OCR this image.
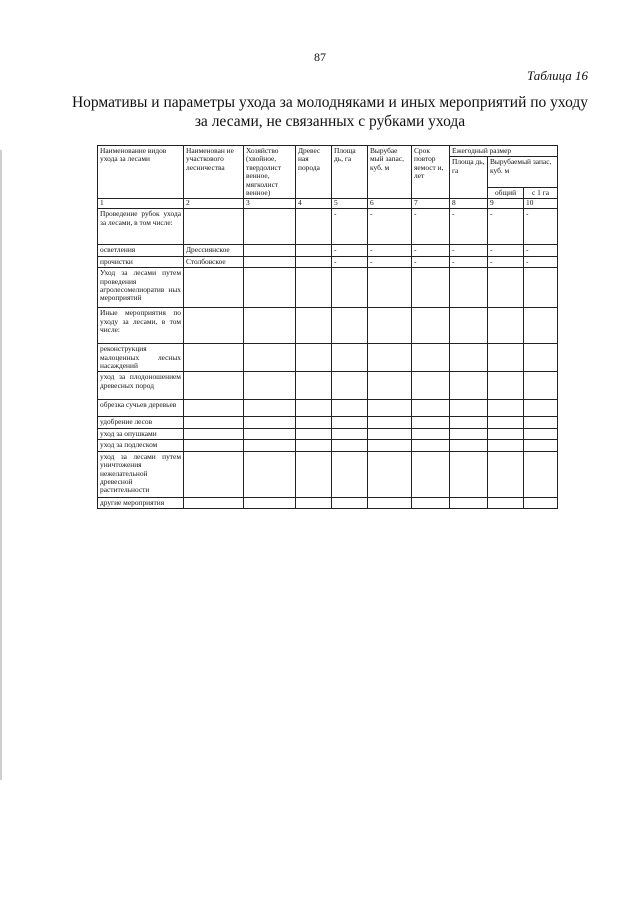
87
Таблица 16
Нормативы и параметры ухода за молодняками и иных мероприятий по уходу за лесами, не связанных с рубками ухода
Наименование видов ухода за лесами	Наименован ие участкового лесничества	Хозяйство (хвойное, твердолист венное, мягколист венное)	Древес ная порода	Площа дь, га	Вырубае мый запас, куб. м	Срок повтор яемост и, лет	Ежегодный размер		
							Площа дь, га	Вырубаемый запас, куб. м	
								общий	с 1 га
1	2	3	4	5	6	7	8	9	10
Проведение рубок ухода за лесами, в том числе:				-	-	-	-	-	-
осветления	Дрессиянское			-	-	-	-	-	-
прочистки	Столбовское			-	-	-	-	-	-
Уход за лесами путем проведения агролесомелиоратив ных мероприятий									
Иные мероприятия по уходу за лесами, в том числе:									
реконструкция малоценных лесных насаждений									
уход за плодоношением древесных пород									
обрезка сучьев деревьев									
удобрение лесов									
уход за опушками									
уход за подлеском									
уход за лесами путем уничтожения нежелательной древесной растительности									
другие мероприятия									
